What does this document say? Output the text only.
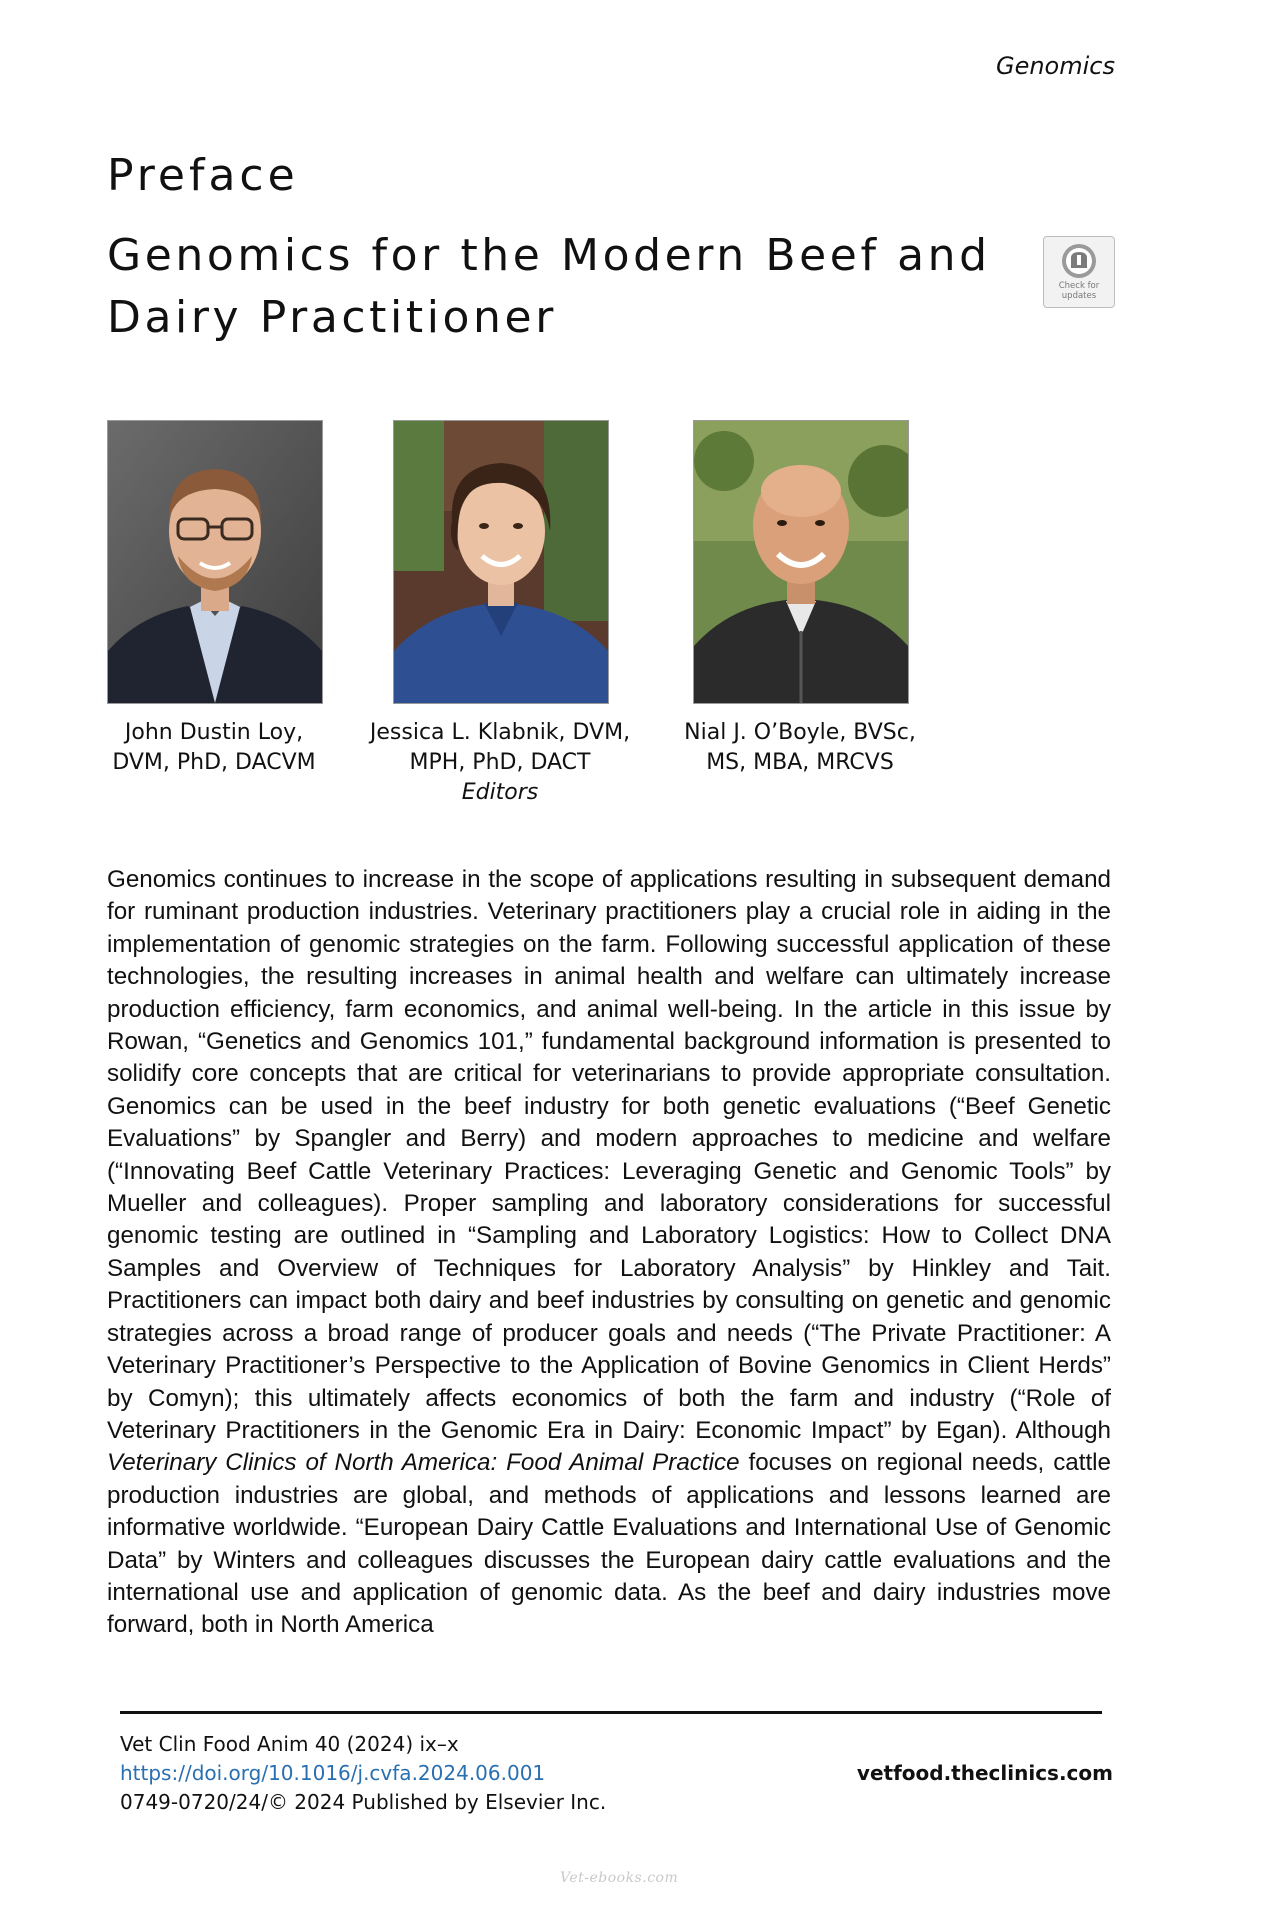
Genomics
Preface
Genomics for the Modern Beef and
Dairy Practitioner
Check for
updates
John Dustin Loy,
DVM, PhD, DACVM
Jessica L. Klabnik, DVM,
MPH, PhD, DACT
Nial J. O’Boyle, BVSc,
MS, MBA, MRCVS
Editors

Genomics continues to increase in the scope of applications resulting in subsequent demand for ruminant production industries. Veterinary practitioners play a crucial role in aiding in the implementation of genomic strategies on the farm. Following successful application of these technologies, the resulting increases in animal health and welfare can ultimately increase production efficiency, farm economics, and animal well-being. In the article in this issue by Rowan, “Genetics and Genomics 101,” fundamental background information is presented to solidify core concepts that are critical for veterinarians to provide appropriate consultation. Genomics can be used in the beef industry for both genetic evaluations (“Beef Genetic Evaluations” by Spangler and Berry) and modern approaches to medicine and welfare (“Innovating Beef Cattle Veterinary Practices: Leveraging Genetic and Genomic Tools” by Mueller and colleagues). Proper sampling and laboratory considerations for successful genomic testing are outlined in “Sampling and Laboratory Logistics: How to Collect DNA Samples and Overview of Techniques for Laboratory Analysis” by Hinkley and Tait. Practitioners can impact both dairy and beef industries by consulting on genetic and genomic strategies across a broad range of producer goals and needs (“The Private Practitioner: A Veterinary Practitioner’s Perspective to the Application of Bovine Genomics in Client Herds” by Comyn); this ultimately affects economics of both the farm and industry (“Role of Veterinary Practitioners in the Genomic Era in Dairy: Economic Impact” by Egan). Although Veterinary Clinics of North America: Food Animal Practice focuses on regional needs, cattle production industries are global, and methods of applications and lessons learned are informative worldwide. “European Dairy Cattle Evaluations and International Use of Genomic Data” by Winters and colleagues discusses the European dairy cattle evaluations and the international use and application of genomic data. As the beef and dairy industries move forward, both in North America

Vet Clin Food Anim 40 (2024) ix–x
https://doi.org/10.1016/j.cvfa.2024.06.001
0749-0720/24/© 2024 Published by Elsevier Inc.
vetfood.theclinics.com
Vet-ebooks.com
